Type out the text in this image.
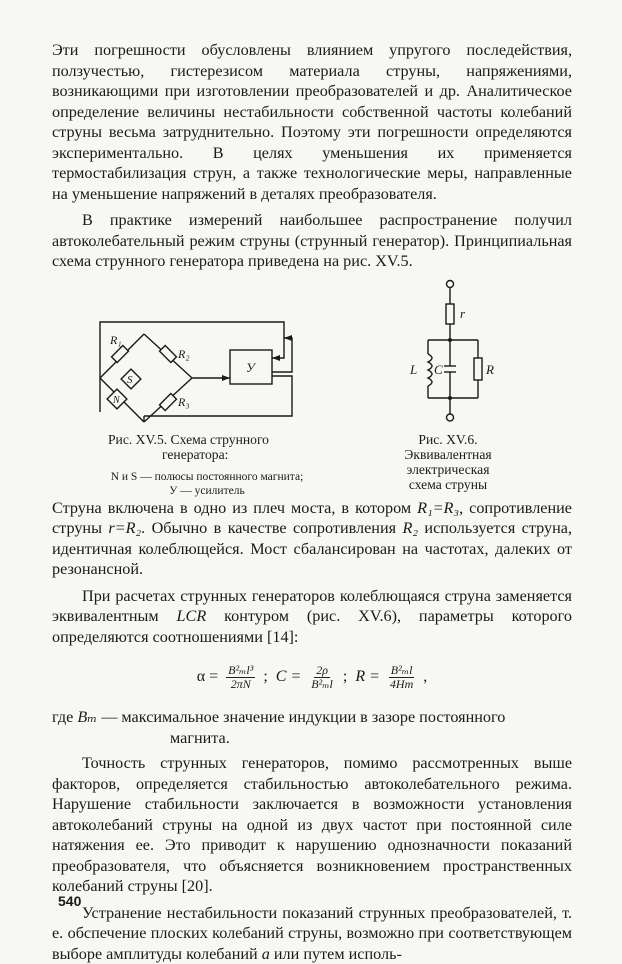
Эти погрешности обусловлены влиянием упругого последействия, ползучестью, гистерезисом материала струны, напряжениями, возникающими при изготовлении преобразователей и др. Аналитическое определение величины нестабильности собственной частоты колебаний струны весьма затруднительно. Поэтому эти погрешности определяются экспериментально. В целях уменьшения их применяется термостабилизация струн, а также технологические меры, направленные на уменьшение напряжений в деталях преобразователя.

В практике измерений наибольшее распространение получил автоколебательный режим струны (струнный генератор). Принципиальная схема струнного генератора приведена на рис. XV.5.

R₁
R₂
R₃
S
N
У
r
L C	R
Рис. XV.5. Схема струнного
генератора:
N и S — полюсы постоянного магнита; У — усилитель
Рис. XV.6. Эквивалентная электрическая схема струны

Струна включена в одно из плеч моста, в котором R₁=R₃, сопротивление струны r=R₂. Обычно в качестве сопротивления R₂ используется струна, идентичная колеблющейся. Мост сбалансирован на частотах, далеких от резонансной.

При расчетах струнных генераторов колеблющаяся струна заменяется эквивалентным LCR контуром (рис. XV.6), параметры которого определяются соотношениями [14]:

$\alpha = \frac{\text{B²ₘl³}}{2\pi N}$ ; $C = \frac{2\rho}{\text{B²ₘl}}$ ; $R = \frac{\text{B²ₘl}}{4Hm}$ ,
где Bₘ — максимальное значение индукции в зазоре постоянного
магнита.

Точность струнных генераторов, помимо рассмотренных выше факторов, определяется стабильностью автоколебательного режима. Нарушение стабильности заключается в возможности установления автоколебаний струны на одной из двух частот при постоянной силе натяжения ее. Это приводит к нарушению однозначности показаний преобразователя, что объясняется возникновением пространственных колебаний струны [20].

Устранение нестабильности показаний струнных преобразователей, т. е. обспечение плоских колебаний струны, возможно при соответствующем выборе амплитуды колебаний a или путем исполь-

540
